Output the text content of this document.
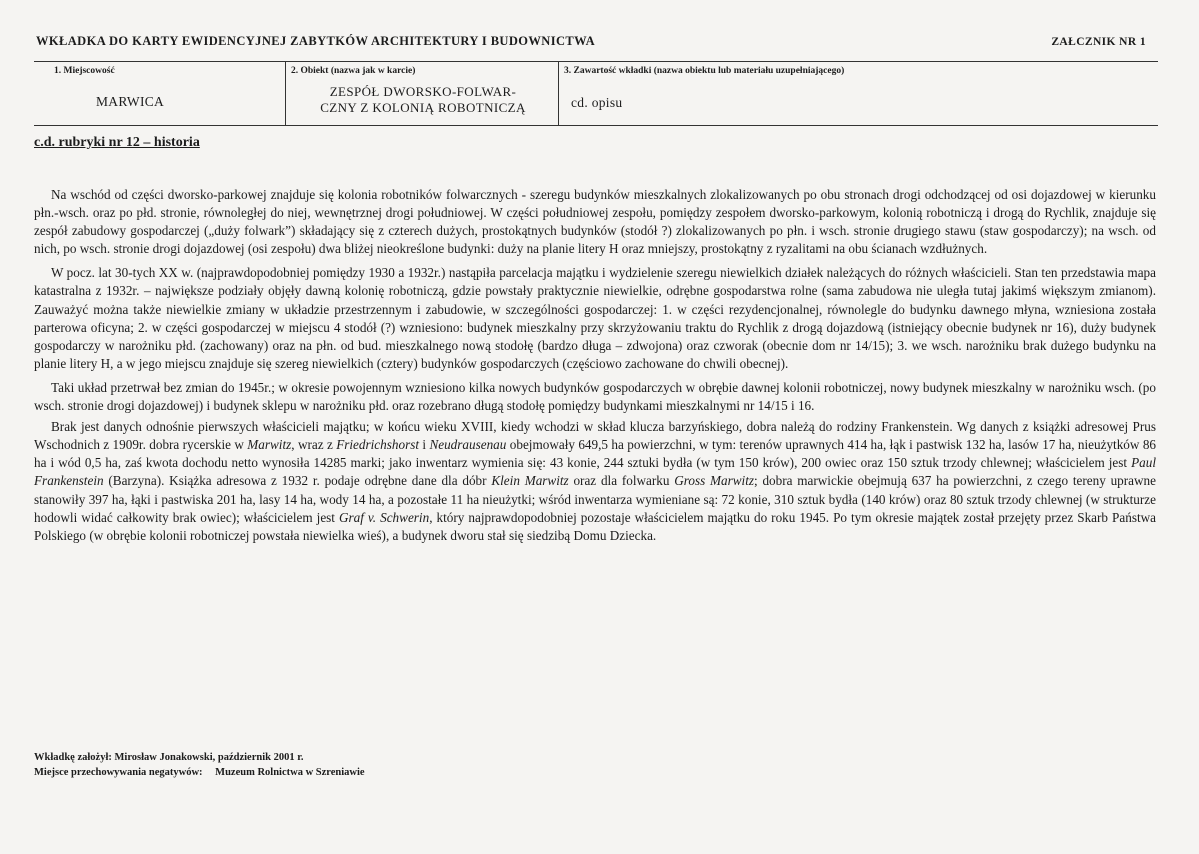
WKŁADKA DO KARTY EWIDENCYJNEJ ZABYTKÓW ARCHITEKTURY I BUDOWNICTWA	ZAŁCZNIK NR 1
1. Miejscowość
MARWICA
2. Obiekt (nazwa jak w karcie)
ZESPÓŁ DWORSKO-FOLWAR-
CZNY Z KOLONIĄ ROBOTNICZĄ
3. Zawartość wkładki (nazwa obiektu lub materiału uzupełniającego)
cd. opisu
c.d. rubryki nr 12 – historia

Na wschód od części dworsko-parkowej znajduje się kolonia robotników folwarcznych - szeregu budynków mieszkalnych zlokalizowanych po obu stronach drogi odchodzącej od osi dojazdowej w kierunku płn.-wsch. oraz po płd. stronie, równoległej do niej, wewnętrznej drogi południowej. W części południowej zespołu, pomiędzy zespołem dworsko-parkowym, kolonią robotniczą i drogą do Rychlik, znajduje się zespół zabudowy gospodarczej („duży folwark”) składający się z czterech dużych, prostokątnych budynków (stodół ?) zlokalizowanych po płn. i wsch. stronie drugiego stawu (staw gospodarczy); na wsch. od nich, po wsch. stronie drogi dojazdowej (osi zespołu) dwa bliżej nieokreślone budynki: duży na planie litery H oraz mniejszy, prostokątny z ryzalitami na obu ścianach wzdłużnych.

W pocz. lat 30-tych XX w. (najprawdopodobniej pomiędzy 1930 a 1932r.) nastąpiła parcelacja majątku i wydzielenie szeregu niewielkich działek należących do różnych właścicieli. Stan ten przedstawia mapa katastralna z 1932r. – największe podziały objęły dawną kolonię robotniczą, gdzie powstały praktycznie niewielkie, odrębne gospodarstwa rolne (sama zabudowa nie uległa tutaj jakimś większym zmianom). Zauważyć można także niewielkie zmiany w układzie przestrzennym i zabudowie, w szczególności gospodarczej: 1. w części rezydencjonalnej, równolegle do budynku dawnego młyna, wzniesiona została parterowa oficyna; 2. w części gospodarczej w miejscu 4 stodół (?) wzniesiono: budynek mieszkalny przy skrzyżowaniu traktu do Rychlik z drogą dojazdową (istniejący obecnie budynek nr 16), duży budynek gospodarczy w narożniku płd. (zachowany) oraz na płn. od bud. mieszkalnego nową stodołę (bardzo długa – zdwojona) oraz czworak (obecnie dom nr 14/15); 3. we wsch. narożniku brak dużego budynku na planie litery H, a w jego miejscu znajduje się szereg niewielkich (cztery) budynków gospodarczych (częściowo zachowane do chwili obecnej).

Taki układ przetrwał bez zmian do 1945r.; w okresie powojennym wzniesiono kilka nowych budynków gospodarczych w obrębie dawnej kolonii robotniczej, nowy budynek mieszkalny w narożniku wsch. (po wsch. stronie drogi dojazdowej) i budynek sklepu w narożniku płd. oraz rozebrano długą stodołę pomiędzy budynkami mieszkalnymi nr 14/15 i 16.

Brak jest danych odnośnie pierwszych właścicieli majątku; w końcu wieku XVIII, kiedy wchodzi w skład klucza barzyńskiego, dobra należą do rodziny Frankenstein. Wg danych z książki adresowej Prus Wschodnich z 1909r. dobra rycerskie w Marwitz, wraz z Friedrichshorst i Neudrausenau obejmowały 649,5 ha powierzchni, w tym: terenów uprawnych 414 ha, łąk i pastwisk 132 ha, lasów 17 ha, nieużytków 86 ha i wód 0,5 ha, zaś kwota dochodu netto wynosiła 14285 marki; jako inwentarz wymienia się: 43 konie, 244 sztuki bydła (w tym 150 krów), 200 owiec oraz 150 sztuk trzody chlewnej; właścicielem jest Paul Frankenstein (Barzyna). Książka adresowa z 1932 r. podaje odrębne dane dla dóbr Klein Marwitz oraz dla folwarku Gross Marwitz; dobra marwickie obejmują 637 ha powierzchni, z czego tereny uprawne stanowiły 397 ha, łąki i pastwiska 201 ha, lasy 14 ha, wody 14 ha, a pozostałe 11 ha nieużytki; wśród inwentarza wymieniane są: 72 konie, 310 sztuk bydła (140 krów) oraz 80 sztuk trzody chlewnej (w strukturze hodowli widać całkowity brak owiec); właścicielem jest Graf v. Schwerin, który najprawdopodobniej pozostaje właścicielem majątku do roku 1945. Po tym okresie majątek został przejęty przez Skarb Państwa Polskiego (w obrębie kolonii robotniczej powstała niewielka wieś), a budynek dworu stał się siedzibą Domu Dziecka.

Wkładkę założył: Mirosław Jonakowski, październik 2001 r.
Miejsce przechowywania negatywów: Muzeum Rolnictwa w Szreniawie
